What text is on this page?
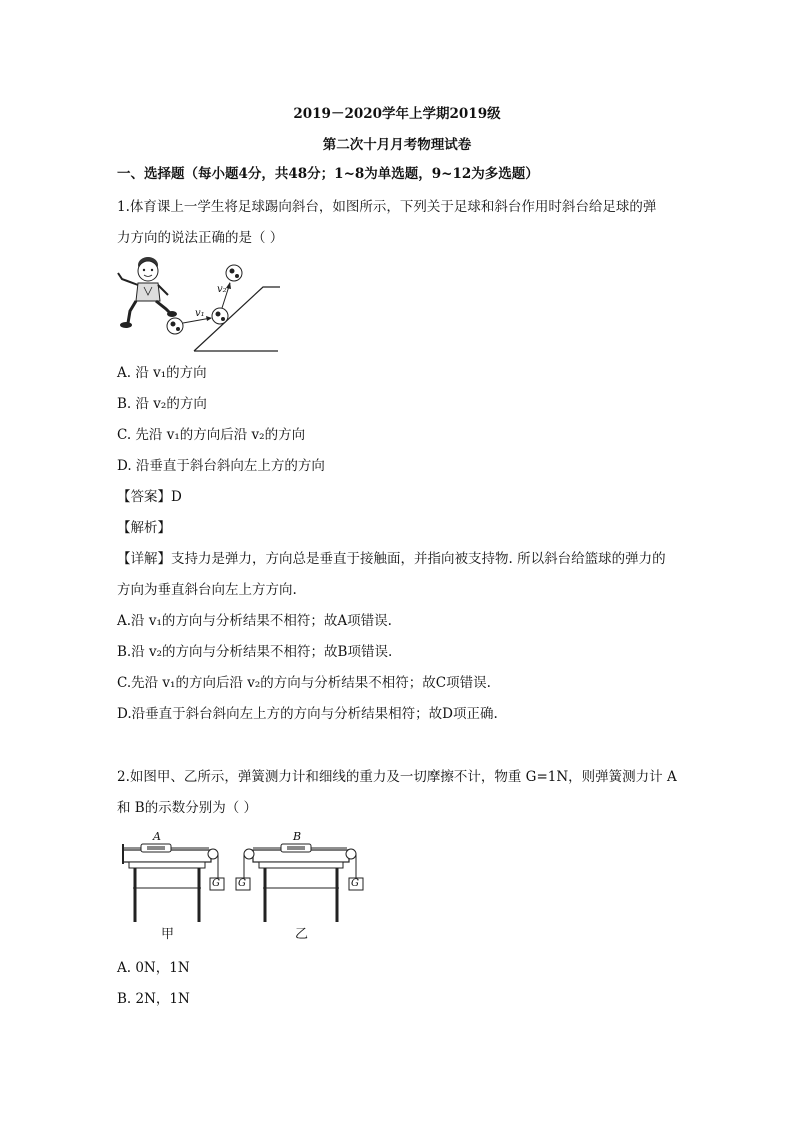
2019－2020学年上学期2019级
第二次十月月考物理试卷
一、选择题（每小题4分，共48分；1~8为单选题，9~12为多选题）
1.体育课上一学生将足球踢向斜台，如图所示，下列关于足球和斜台作用时斜台给足球的弹
力方向的说法正确的是（ ）
v₁
v₂
A. 沿 v₁的方向
B. 沿 v₂的方向
C. 先沿 v₁的方向后沿 v₂的方向
D. 沿垂直于斜台斜向左上方的方向
【答案】D
【解析】
【详解】支持力是弹力，方向总是垂直于接触面，并指向被支持物. 所以斜台给篮球的弹力的
方向为垂直斜台向左上方方向.
A.沿 v₁的方向与分析结果不相符；故A项错误.
B.沿 v₂的方向与分析结果不相符；故B项错误.
C.先沿 v₁的方向后沿 v₂的方向与分析结果不相符；故C项错误.
D.沿垂直于斜台斜向左上方的方向与分析结果相符；故D项正确.
2.如图甲、乙所示，弹簧测力计和细线的重力及一切摩擦不计，物重 G=1N，则弹簧测力计 A
和 B的示数分别为（ ）
A	B
G G	G
甲	乙
A. 0N，1N
B. 2N，1N
